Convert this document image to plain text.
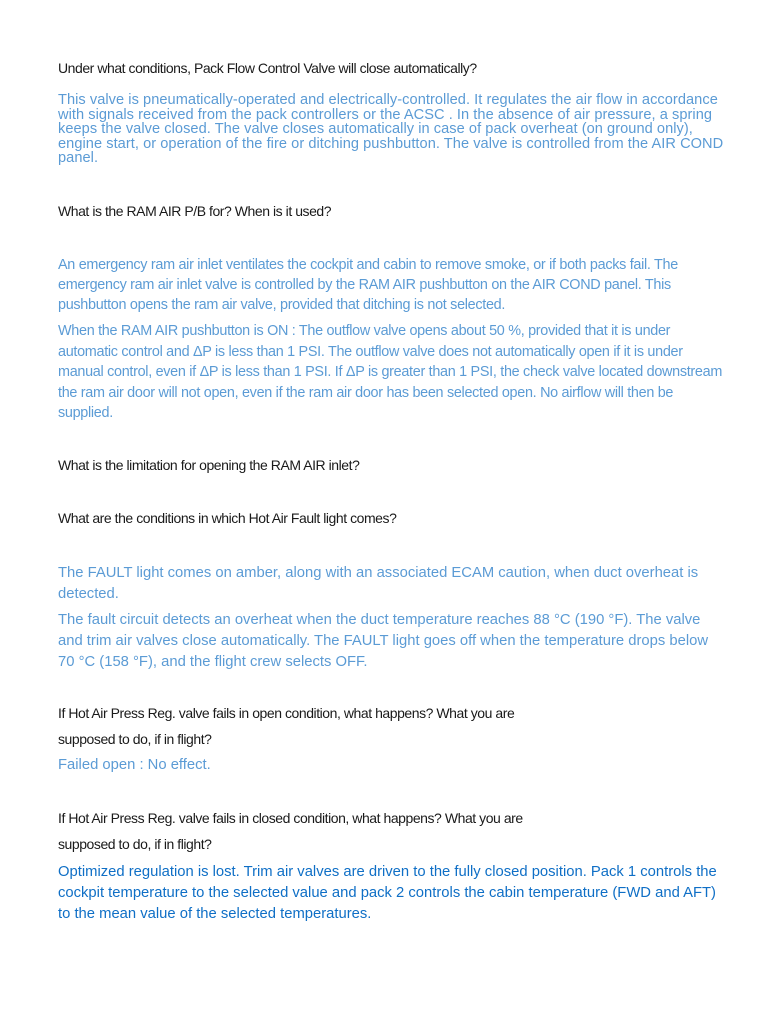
Under what conditions, Pack Flow Control Valve will close automatically?

This valve is pneumatically-operated and electrically-controlled. It regulates the air flow in accordance with signals received from the pack controllers or the ACSC . In the absence of air pressure, a spring keeps the valve closed. The valve closes automatically in case of pack overheat (on ground only), engine start, or operation of the fire or ditching pushbutton. The valve is controlled from the AIR COND panel.

What is the RAM AIR P/B for? When is it used?

An emergency ram air inlet ventilates the cockpit and cabin to remove smoke, or if both packs fail. The emergency ram air inlet valve is controlled by the RAM AIR pushbutton on the AIR COND panel. This pushbutton opens the ram air valve, provided that ditching is not selected.

When the RAM AIR pushbutton is ON : The outflow valve opens about 50 %, provided that it is under automatic control and ΔP is less than 1 PSI. The outflow valve does not automatically open if it is under manual control, even if ΔP is less than 1 PSI. If ΔP is greater than 1 PSI, the check valve located downstream the ram air door will not open, even if the ram air door has been selected open. No airflow will then be supplied.

What is the limitation for opening the RAM AIR inlet?

What are the conditions in which Hot Air Fault light comes?

The FAULT light comes on amber, along with an associated ECAM caution, when duct overheat is detected.

The fault circuit detects an overheat when the duct temperature reaches 88 °C (190 °F). The valve and trim air valves close automatically. The FAULT light goes off when the temperature drops below 70 °C (158 °F), and the flight crew selects OFF.

If Hot Air Press Reg. valve fails in open condition, what happens? What you are

supposed to do, if in flight?

Failed open : No effect.

If Hot Air Press Reg. valve fails in closed condition, what happens? What you are

supposed to do, if in flight?

Optimized regulation is lost. Trim air valves are driven to the fully closed position. Pack 1 controls the cockpit temperature to the selected value and pack 2 controls the cabin temperature (FWD and AFT) to the mean value of the selected temperatures.
